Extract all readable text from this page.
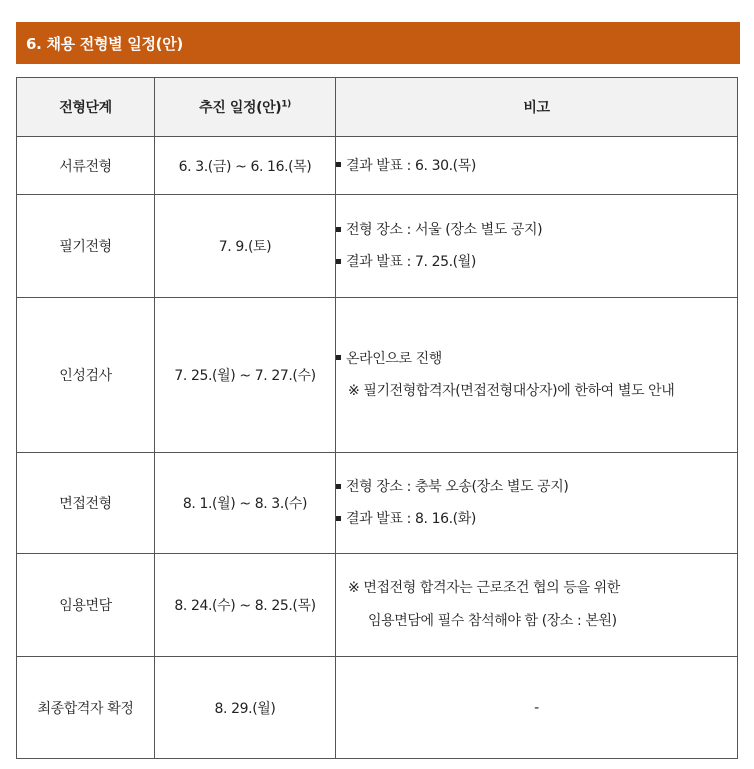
6. 채용 전형별 일정(안)
전형단계	추진 일정(안)$^{1)}$	비고
서류전형	6. 3.(금) ~ 6. 16.(목)	결과 발표 : 6. 30.(목)

필기전형	7. 9.(토)	전형 장소 : 서울 (장소 별도 공지)
결과 발표 : 7. 25.(월)

인성검사	7. 25.(월) ~ 7. 27.(수)	온라인으로 진행
※ 필기전형합격자(면접전형대상자)에 한하여 별도 안내

면접전형	8. 1.(월) ~ 8. 3.(수)	전형 장소 : 충북 오송(장소 별도 공지)
결과 발표 : 8. 16.(화)

임용면담	8. 24.(수) ~ 8. 25.(목)	※ 면접전형 합격자는 근로조건 협의 등을 위한
임용면담에 필수 참석해야 함 (장소 : 본원)

최종합격자 확정	8. 29.(월)	-
